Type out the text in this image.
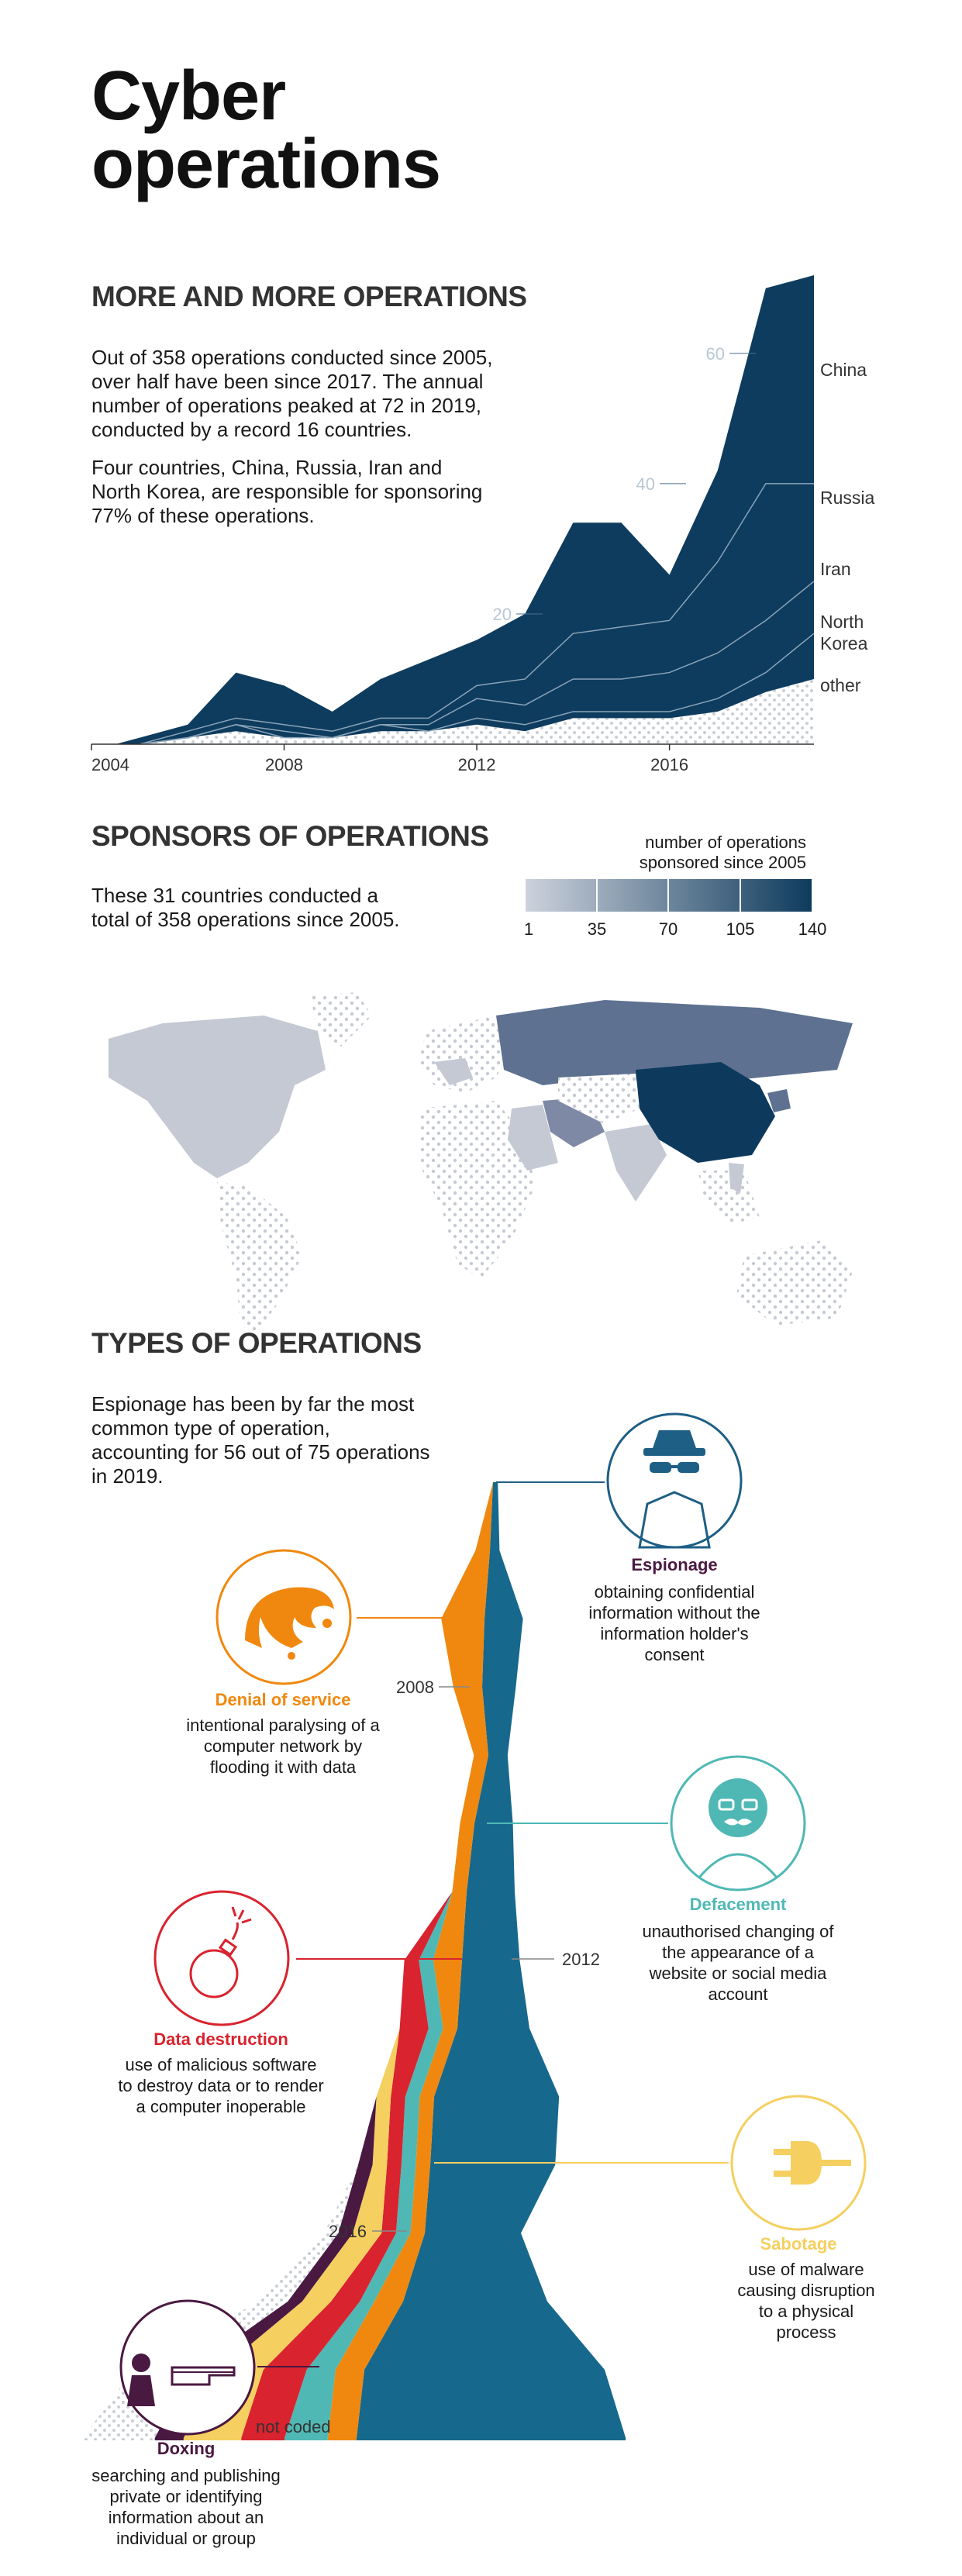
Cyber operations
MORE AND MORE OPERATIONS
Out of 358 operations conducted since 2005, over half have been since 2017. The annual number of operations peaked at 72 in 2019, conducted by a record 16 countries.
Four countries, China, Russia, Iran and North Korea, are responsible for sponsoring 77% of these operations.
20
40
60
2004	2008	2012	2016
China
Russia
Iran
North Korea
other
SPONSORS OF OPERATIONS
These 31 countries conducted a total of 358 operations since 2005.
number of operations sponsored since 2005
1	35	70	105	140
TYPES OF OPERATIONS
Espionage has been by far the most common type of operation, accounting for 56 out of 75 operations in 2019.
2008
2012
2016
not coded
Espionage
obtaining confidential information without the information holder's consent
Denial of service
intentional paralysing of a computer network by flooding it with data
Defacement
unauthorised changing of the appearance of a website or social media account
Data destruction
use of malicious software to destroy data or to render a computer inoperable
Sabotage
use of malware causing disruption to a physical process
Doxing
searching and publishing private or identifying information about an individual or group
